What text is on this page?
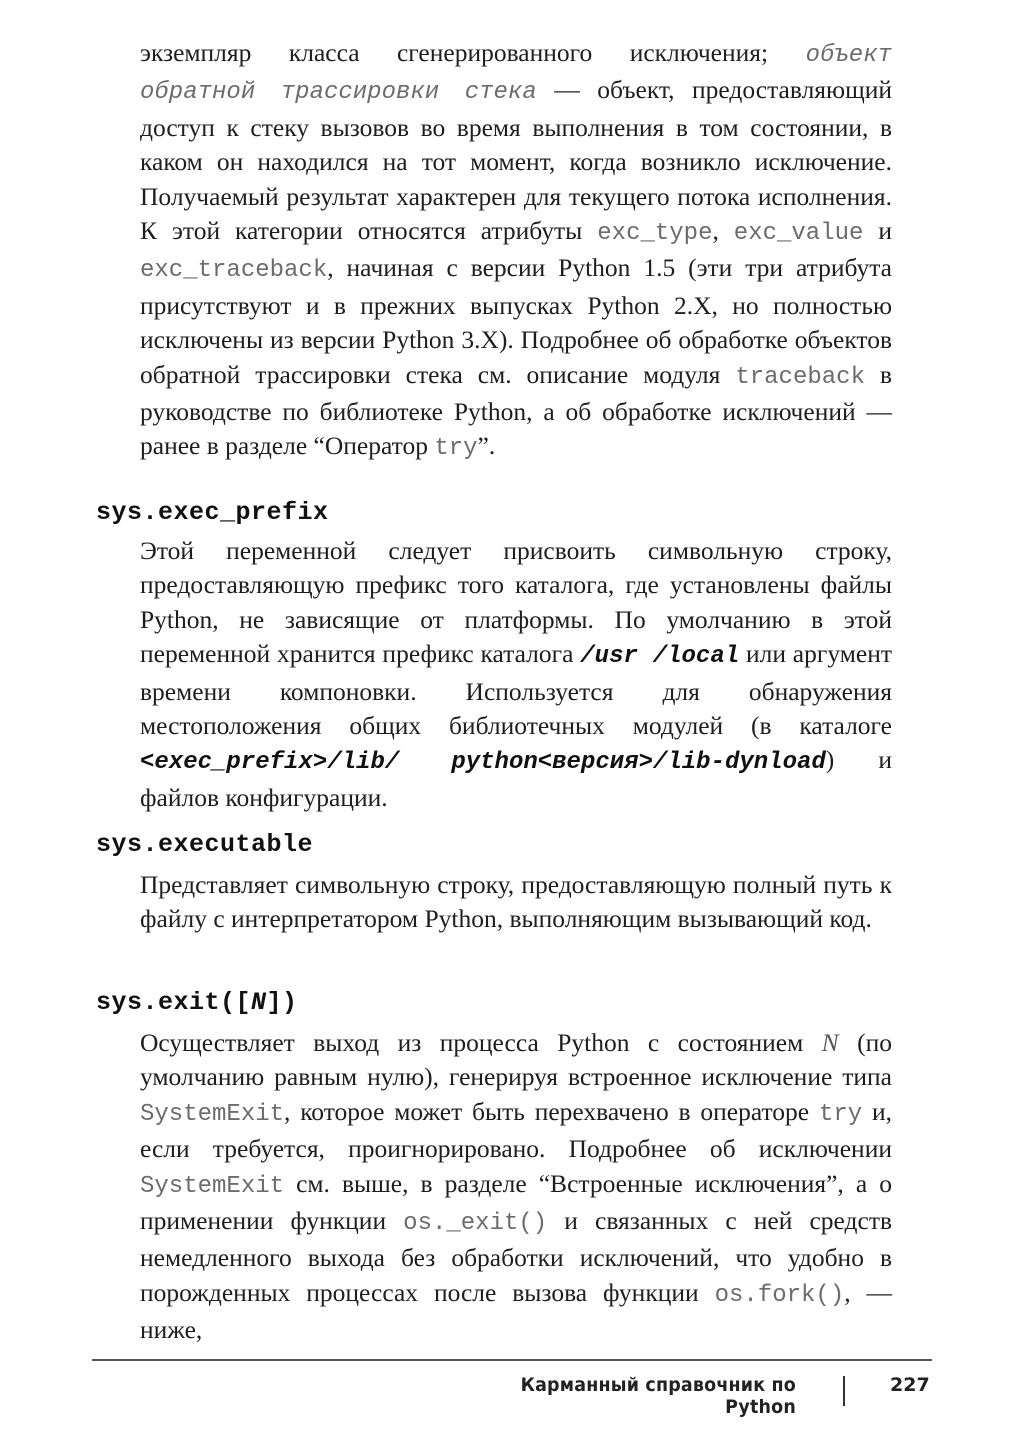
экземпляр класса сгенерированного исключения; объект обратной трассировки стека — объект, предоставляющий доступ к стеку вызовов во время выполнения в том состоянии, в каком он находился на тот момент, когда возникло исключение. Получаемый результат характерен для текущего потока исполнения. К этой категории относятся атрибуты exc_type, exc_value и exc_traceback, начиная с версии Python 1.5 (эти три атрибута присутствуют и в прежних выпусках Python 2.X, но полностью исключены из версии Python 3.X). Подробнее об обработке объектов обратной трассировки стека см. описание модуля traceback в руководстве по библиотеке Python, а об обработке исключений — ранее в разделе “Оператор try”.

sys.exec_prefix

Этой переменной следует присвоить символьную строку, предоставляющую префикс того каталога, где установлены файлы Python, не зависящие от платформы. По умолчанию в этой переменной хранится префикс каталога /usr /local или аргумент времени компоновки. Используется для обнаружения местоположения общих библиотечных модулей (в каталоге <exec_prefix>/lib/ python<версия>/lib-dynload) и файлов конфигурации.

sys.executable

Представляет символьную строку, предоставляющую полный путь к файлу с интерпретатором Python, выполняющим вызывающий код.

sys.exit([N])

Осуществляет выход из процесса Python с состоянием N (по умолчанию равным нулю), генерируя встроенное исключение типа SystemExit, которое может быть перехвачено в операторе try и, если требуется, проигнорировано. Подробнее об исключении SystemExit см. выше, в разделе “Встроенные исключения”, а о применении функции os._exit() и связанных с ней средств немедленного выхода без обработки исключений, что удобно в порожденных процессах после вызова функции os.fork(), — ниже,

Карманный справочник по Python
227
